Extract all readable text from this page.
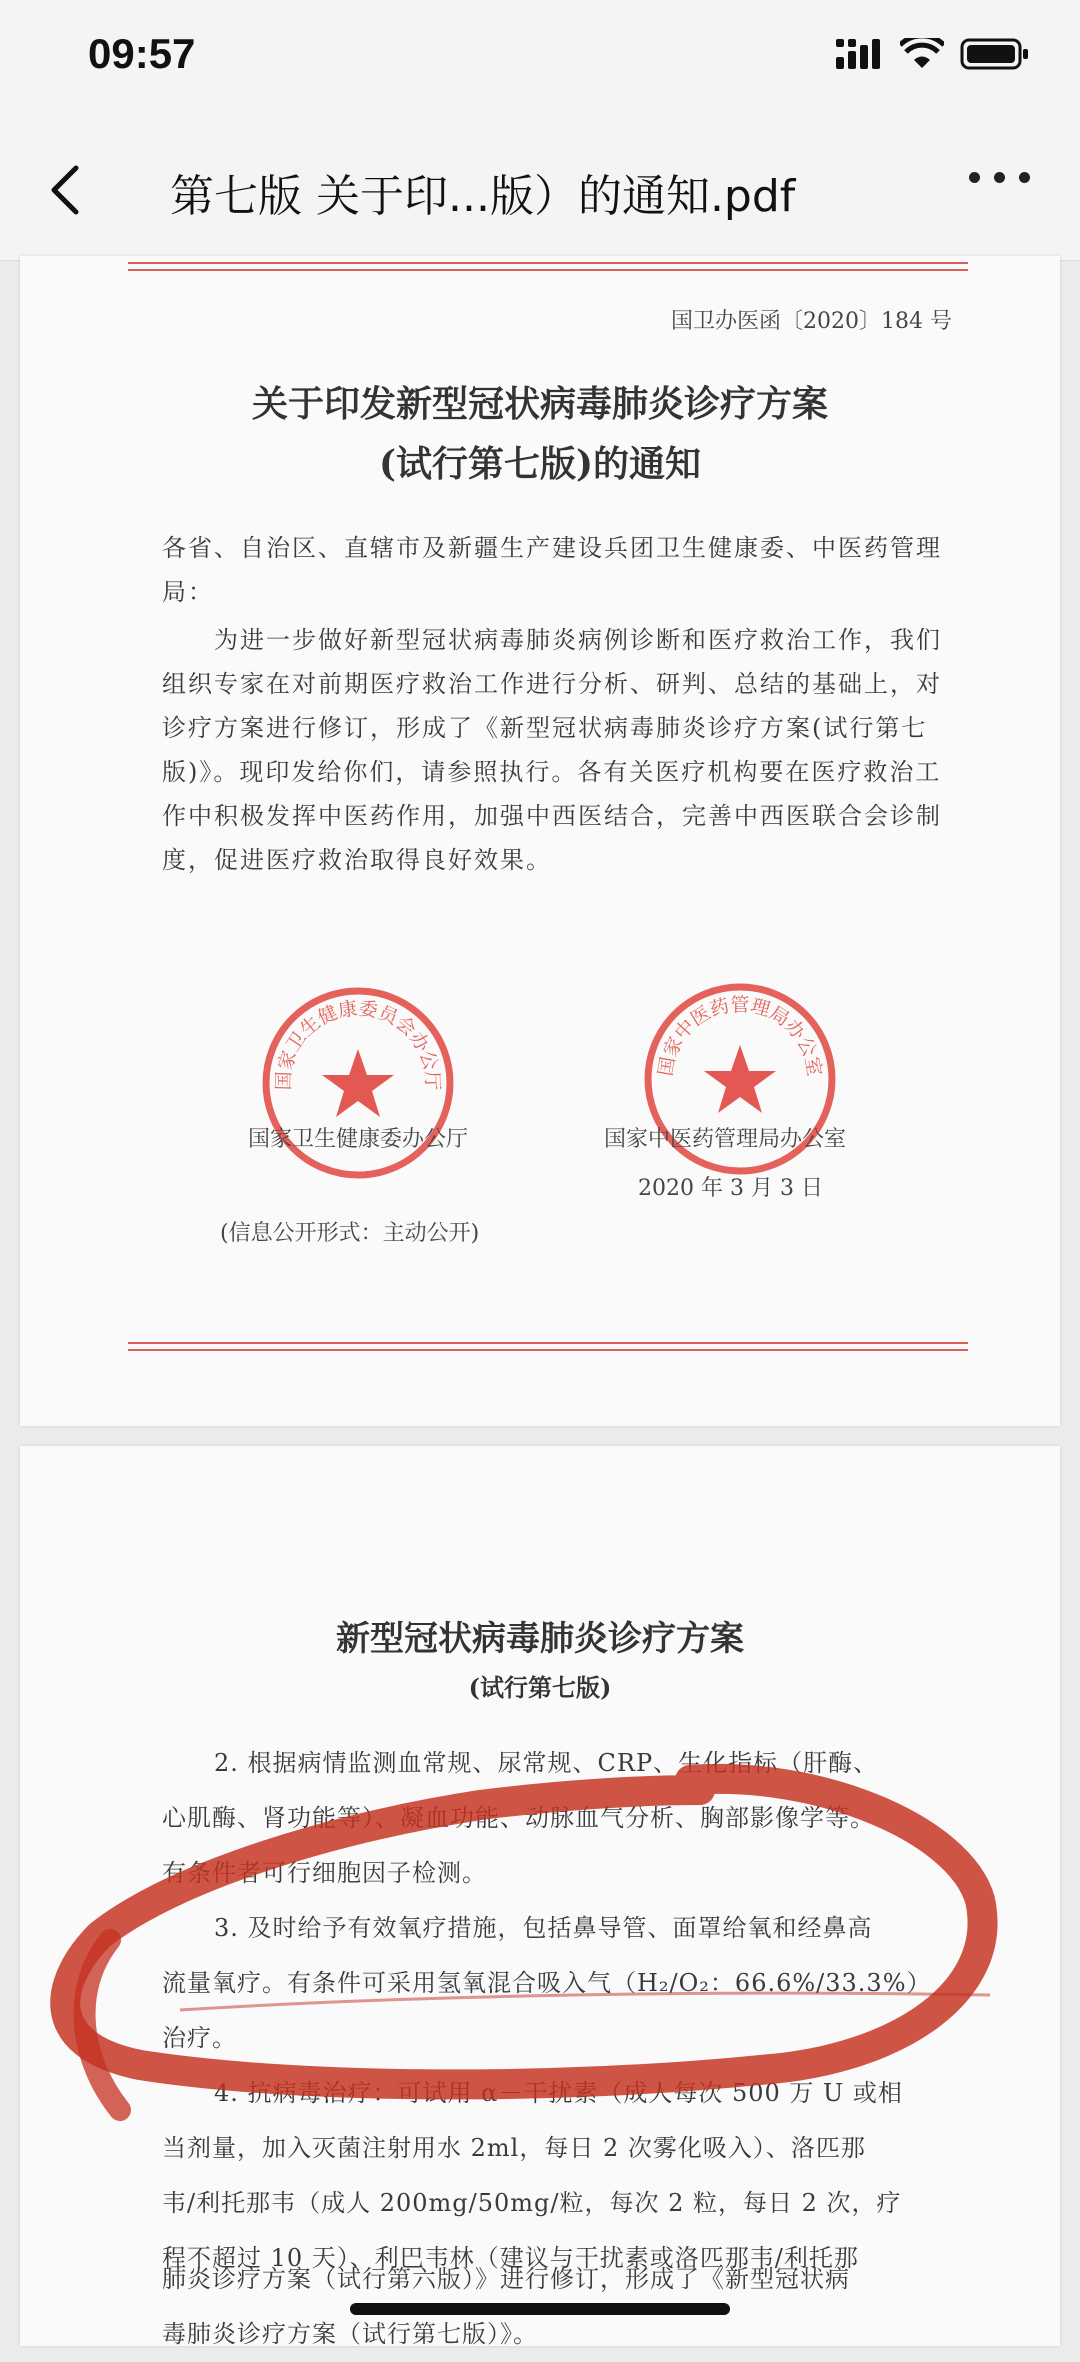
09:57
第七版 关于印...版）的通知.pdf
国卫办医函〔2020〕184 号
关于印发新型冠状病毒肺炎诊疗方案
(试行第七版)的通知
各省、自治区、直辖市及新疆生产建设兵团卫生健康委、中医药管理局：
为进一步做好新型冠状病毒肺炎病例诊断和医疗救治工作，我们组织专家在对前期医疗救治工作进行分析、研判、总结的基础上，对诊疗方案进行修订，形成了《新型冠状病毒肺炎诊疗方案(试行第七版)》。现印发给你们，请参照执行。各有关医疗机构要在医疗救治工作中积极发挥中医药作用，加强中西医结合，完善中西医联合会诊制度，促进医疗救治取得良好效果。
国家卫生健康委员会办公厅
国家中医药管理局办公室
国家卫生健康委办公厅	国家中医药管理局办公室
2020 年 3 月 3 日
(信息公开形式：主动公开)
新型冠状病毒肺炎诊疗方案
(试行第七版)
2. 根据病情监测血常规、尿常规、CRP、生化指标（肝酶、
心肌酶、肾功能等）、凝血功能、动脉血气分析、胸部影像学等。
有条件者可行细胞因子检测。
3. 及时给予有效氧疗措施，包括鼻导管、面罩给氧和经鼻高
流量氧疗。有条件可采用氢氧混合吸入气（H₂/O₂：66.6%/33.3%）治疗。
4. 抗病毒治疗：可试用 α－干扰素（成人每次 500 万 U 或相
当剂量，加入灭菌注射用水 2ml，每日 2 次雾化吸入）、洛匹那
韦/利托那韦（成人 200mg/50mg/粒，每次 2 粒，每日 2 次，疗
程不超过 10 天）、利巴韦林（建议与干扰素或洛匹那韦/利托那
肺炎诊疗方案（试行第六版）》进行修订，形成了《新型冠状病
毒肺炎诊疗方案（试行第七版）》。
